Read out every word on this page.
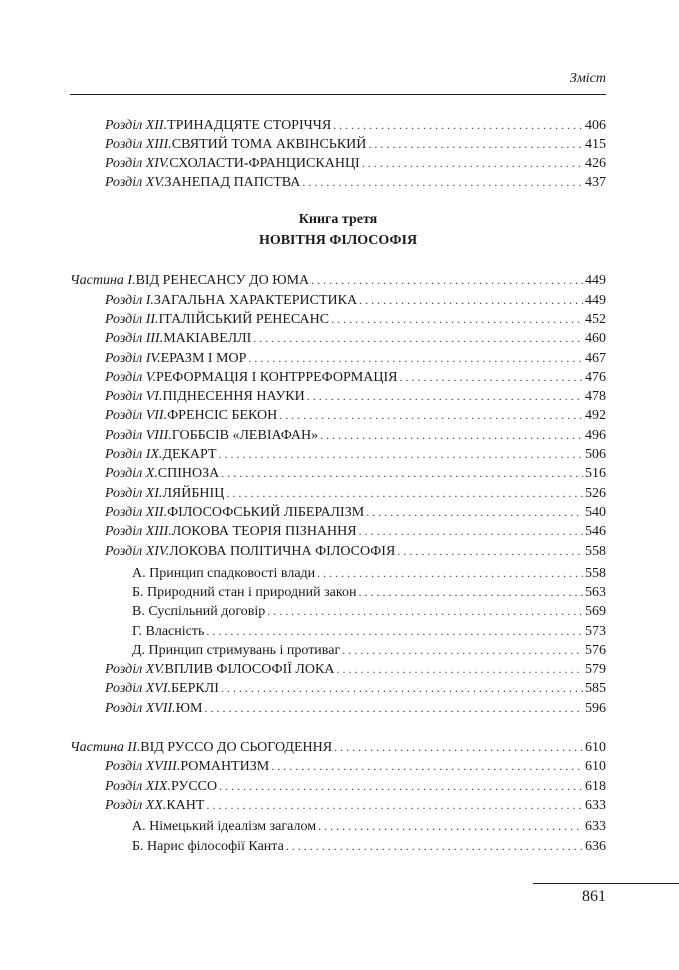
Зміст
Розділ XII. ТРИНАДЦЯТЕ СТОРІЧЧЯ . . .	406
Розділ XIII. СВЯТИЙ ТОМА АКВІНСЬКИЙ . . .	415
Розділ XIV. СХОЛАСТИ-ФРАНЦИСКАНЦІ . . .	426
Розділ XV. ЗАНЕПАД ПАПСТВА . . .	437
Книга третя
НОВІТНЯ ФІЛОСОФІЯ
Частина I. ВІД РЕНЕСАНСУ ДО ЮМА . . .	449
Розділ I. ЗАГАЛЬНА ХАРАКТЕРИСТИКА . . .	449
Розділ II. ІТАЛІЙСЬКИЙ РЕНЕСАНС . . .	452
Розділ III. МАКІАВЕЛЛІ . . .	460
Розділ IV. ЕРАЗМ І МОР . . .	467
Розділ V. РЕФОРМАЦІЯ І КОНТРРЕФОРМАЦІЯ . . .	476
Розділ VI. ПІДНЕСЕННЯ НАУКИ . . .	478
Розділ VII. ФРЕНСІС БЕКОН . . .	492
Розділ VIII. ГОББСІВ «ЛЕВІАФАН» . . .	496
Розділ IX. ДЕКАРТ . . .	506
Розділ X. СПІНОЗА . . .	516
Розділ XI. ЛЯЙБНІЦ . . .	526
Розділ XII. ФІЛОСОФСЬКИЙ ЛІБЕРАЛІЗМ . . .	540
Розділ XIII. ЛОКОВА ТЕОРІЯ ПІЗНАННЯ . . .	546
Розділ XIV. ЛОКОВА ПОЛІТИЧНА ФІЛОСОФІЯ . . .	558
А. Принцип спадковості влади . . .	558
Б. Природний стан і природний закон . . .	563
В. Суспільний договір . . .	569
Г. Власність . . .	573
Д. Принцип стримувань і противаг . . .	576
Розділ XV. ВПЛИВ ФІЛОСОФІЇ ЛОКА . . .	579
Розділ XVI. БЕРКЛІ . . .	585
Розділ XVII. ЮМ . . .	596
Частина II. ВІД РУССО ДО СЬОГОДЕННЯ . . .	610
Розділ XVIII. РОМАНТИЗМ . . .	610
Розділ XIX. РУССО . . .	618
Розділ XX. КАНТ . . .	633
А. Німецький ідеалізм загалом . . .	633
Б. Нарис філософії Канта . . .	636
861
